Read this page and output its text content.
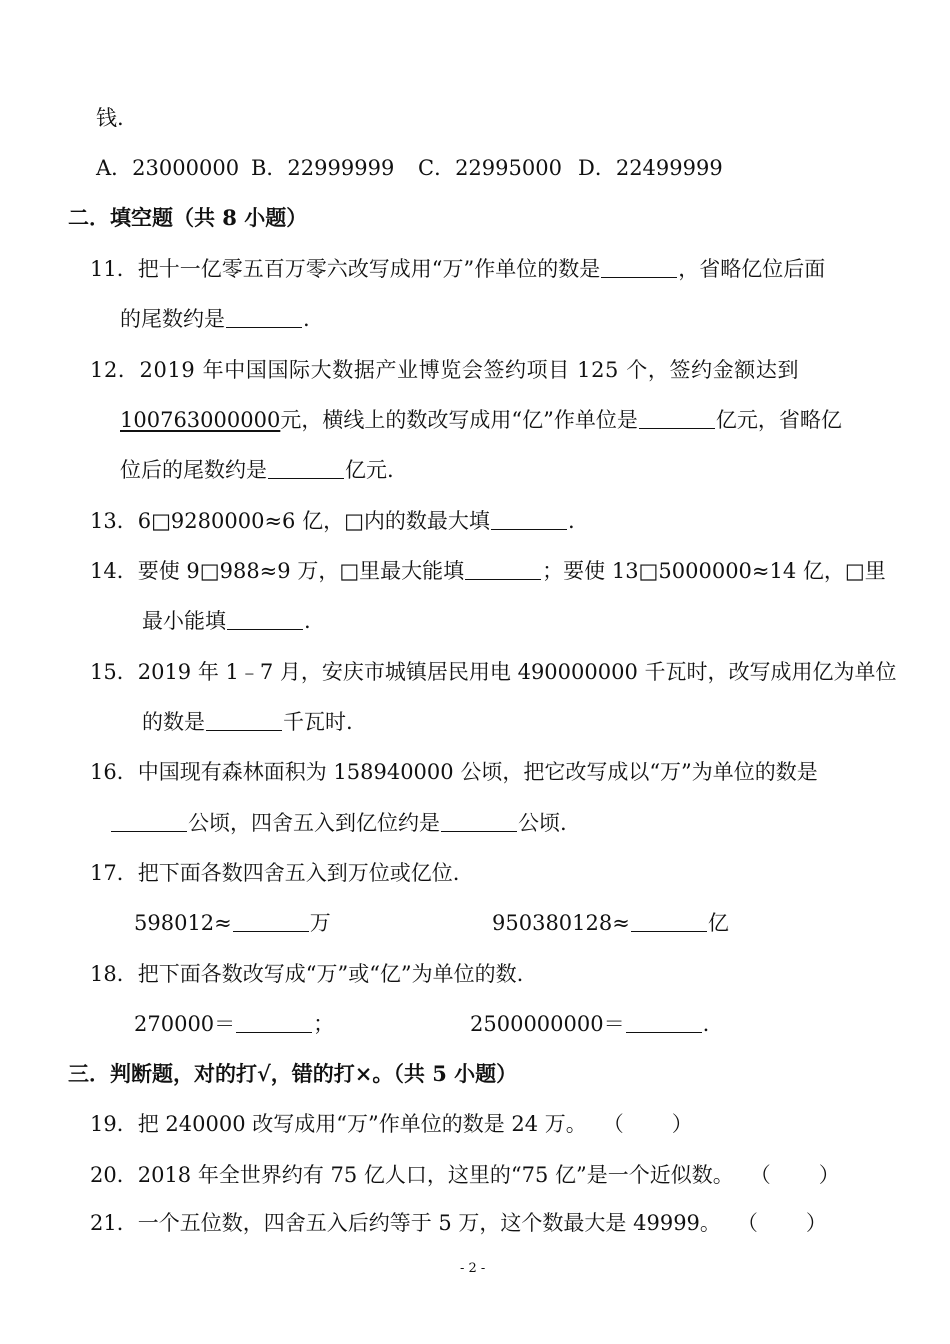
钱.
A．23000000 B．22999999 C．22995000 D．22499999
二．填空题（共 8 小题）
11．把十一亿零五百万零六改写成用“万”作单位的数是	，省略亿位后面
的尾数约是	.
12．2019 年中国国际大数据产业博览会签约项目 125 个，签约金额达到
100763000000元，横线上的数改写成用“亿”作单位是	亿元，省略亿
位后的尾数约是	亿元.
13．6□9280000≈6 亿，□内的数最大填	.
14．要使 9□988≈9 万，□里最大能填	；要使 13□5000000≈14 亿，□里
最小能填	.
15．2019 年 1﹣7 月，安庆市城镇居民用电 490000000 千瓦时，改写成用亿为单位
的数是	千瓦时.
16．中国现有森林面积为 158940000 公顷，把它改写成以“万”为单位的数是
公顷，四舍五入到亿位约是	公顷.
17．把下面各数四舍五入到万位或亿位.
598012≈	万	950380128≈	亿
18．把下面各数改写成“万”或“亿”为单位的数.
270000＝	；	2500000000＝	.
三．判断题，对的打√，错的打×。（共 5 小题）
19．把 240000 改写成用“万”作单位的数是 24 万。 （ ）
20．2018 年全世界约有 75 亿人口，这里的“75 亿”是一个近似数。 （ ）
21．一个五位数，四舍五入后约等于 5 万，这个数最大是 49999。 （ ）
- 2 -
